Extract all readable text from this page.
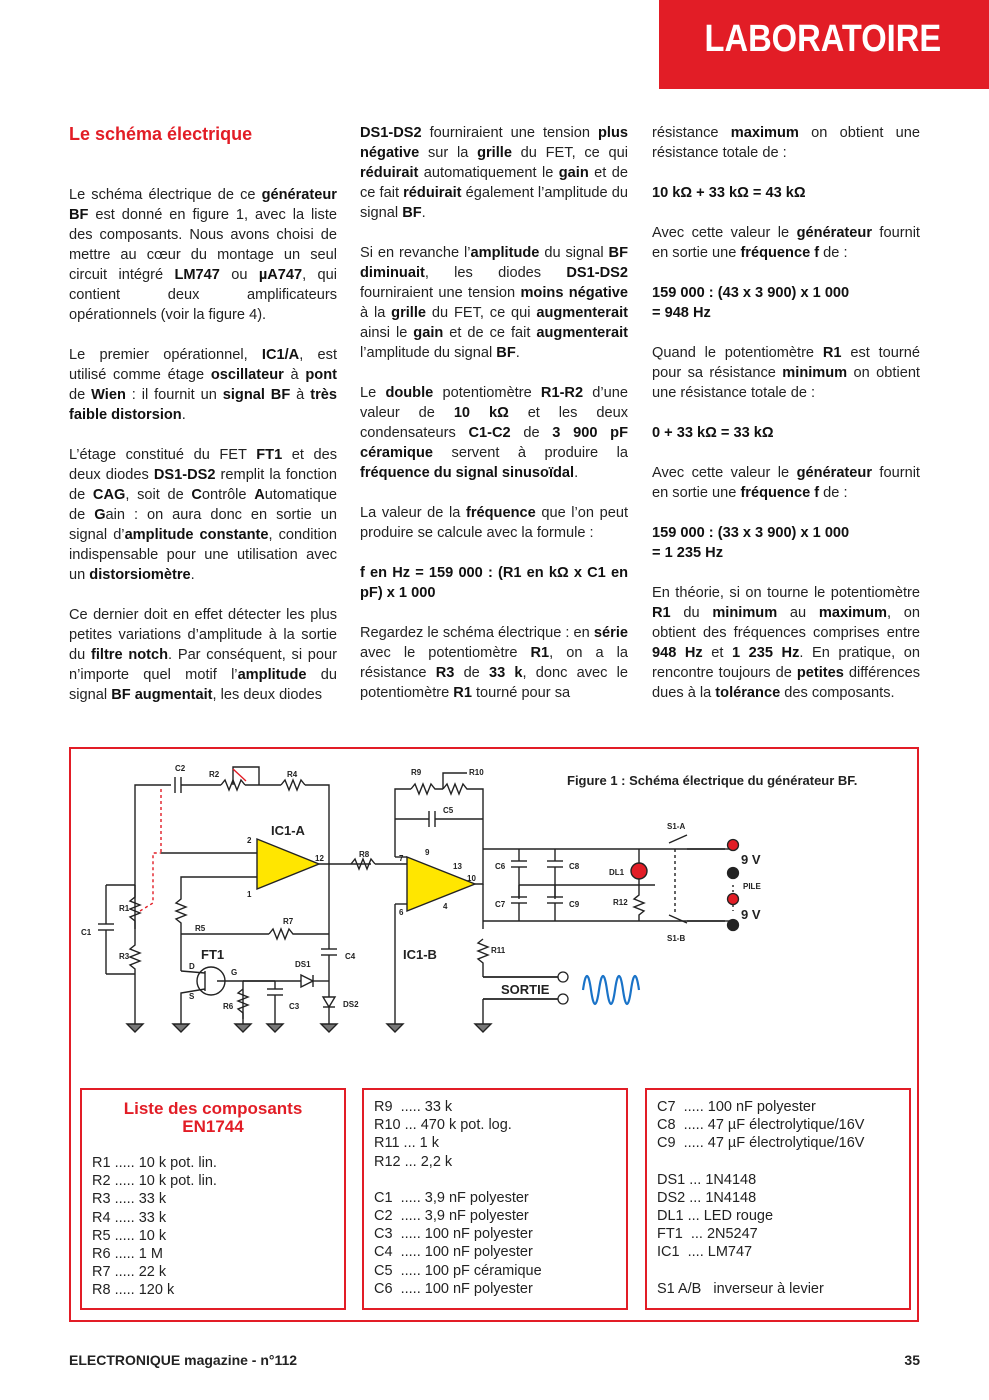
LABORATOIRE
Le schéma électrique

Le schéma électrique de ce générateur BF est donné en figure 1, avec la liste des composants. Nous avons choisi de mettre au cœur du montage un seul circuit intégré LM747 ou µA747, qui contient deux amplificateurs opérationnels (voir la figure 4).

Le premier opérationnel, IC1/A, est utilisé comme étage oscillateur à pont de Wien : il fournit un signal BF à très faible distorsion.

L’étage constitué du FET FT1 et des deux diodes DS1-DS2 remplit la fonction de CAG, soit de Contrôle Automatique de Gain : on aura donc en sortie un signal d’amplitude constante, condition indispensable pour une utilisation avec un distorsiomètre.

Ce dernier doit en effet détecter les plus petites variations d’amplitude à la sortie du filtre notch. Par conséquent, si pour n’importe quel motif l’amplitude du signal BF augmentait, les deux diodes

DS1-DS2 fourniraient une tension plus négative sur la grille du FET, ce qui réduirait automatiquement le gain et de ce fait réduirait également l’amplitude du signal BF.

Si en revanche l’amplitude du signal BF diminuait, les diodes DS1-DS2 fourniraient une tension moins négative à la grille du FET, ce qui augmenterait ainsi le gain et de ce fait augmenterait l’amplitude du signal BF.

Le double potentiomètre R1-R2 d’une valeur de 10 kΩ et les deux condensateurs C1-C2 de 3 900 pF céramique servent à produire la fréquence du signal sinusoïdal.

La valeur de la fréquence que l’on peut produire se calcule avec la formule :

f en Hz = 159 000 : (R1 en kΩ x C1 en pF) x 1 000

Regardez le schéma électrique : en série avec le potentiomètre R1, on a la résistance R3 de 33 k, donc avec le potentiomètre R1 tourné pour sa

résistance maximum on obtient une résistance totale de :

10 kΩ + 33 kΩ = 43 kΩ

Avec cette valeur le générateur fournit en sortie une fréquence f de :

159 000 : (43 x 3 900) x 1 000
= 948 Hz

Quand le potentiomètre R1 est tourné pour sa résistance minimum on obtient une résistance totale de :

0 + 33 kΩ = 33 kΩ

Avec cette valeur le générateur fournit en sortie une fréquence f de :

159 000 : (33 x 3 900) x 1 000
= 1 235 Hz

En théorie, si on tourne le potentiomètre R1 du minimum au maximum, on obtient des fréquences comprises entre 948 Hz et 1 235 Hz. En pratique, on rencontre toujours de petites différences dues à la tolérance des composants.

C2
R2	R4	R9	R10
C5
2
1
12	R8	7
9
13
10
6
4
R1
C1
R3
R5
R7
D
G
S
R6	C3
DS1
C4
DS2
R11
C6	C8
C7	C9
DL1
R12
S1-A
S1-B
PILE
IC1-A
IC1-B
FT1
SORTIE
9 V
9 V
Figure 1 : Schéma électrique du générateur BF.
Liste des composants EN1744
R1 ..... 10 k pot. lin.
R2 ..... 10 k pot. lin.
R3 ..... 33 k
R4 ..... 33 k
R5 ..... 10 k
R6 ..... 1 M
R7 ..... 22 k
R8 ..... 120 k
R9  ..... 33 k
R10 ... 470 k pot. log.
R11 ... 1 k
R12 ... 2,2 k
C1  ..... 3,9 nF polyester
C2  ..... 3,9 nF polyester
C3  ..... 100 nF polyester
C4  ..... 100 nF polyester
C5  ..... 100 pF céramique
C6  ..... 100 nF polyester
C7  ..... 100 nF polyester
C8  ..... 47 µF électrolytique/16V
C9  ..... 47 µF électrolytique/16V
DS1 ... 1N4148
DS2 ... 1N4148
DL1 ... LED rouge
FT1  ... 2N5247
IC1  .... LM747
S1 A/B   inverseur à levier
ELECTRONIQUE magazine - n°112	35
